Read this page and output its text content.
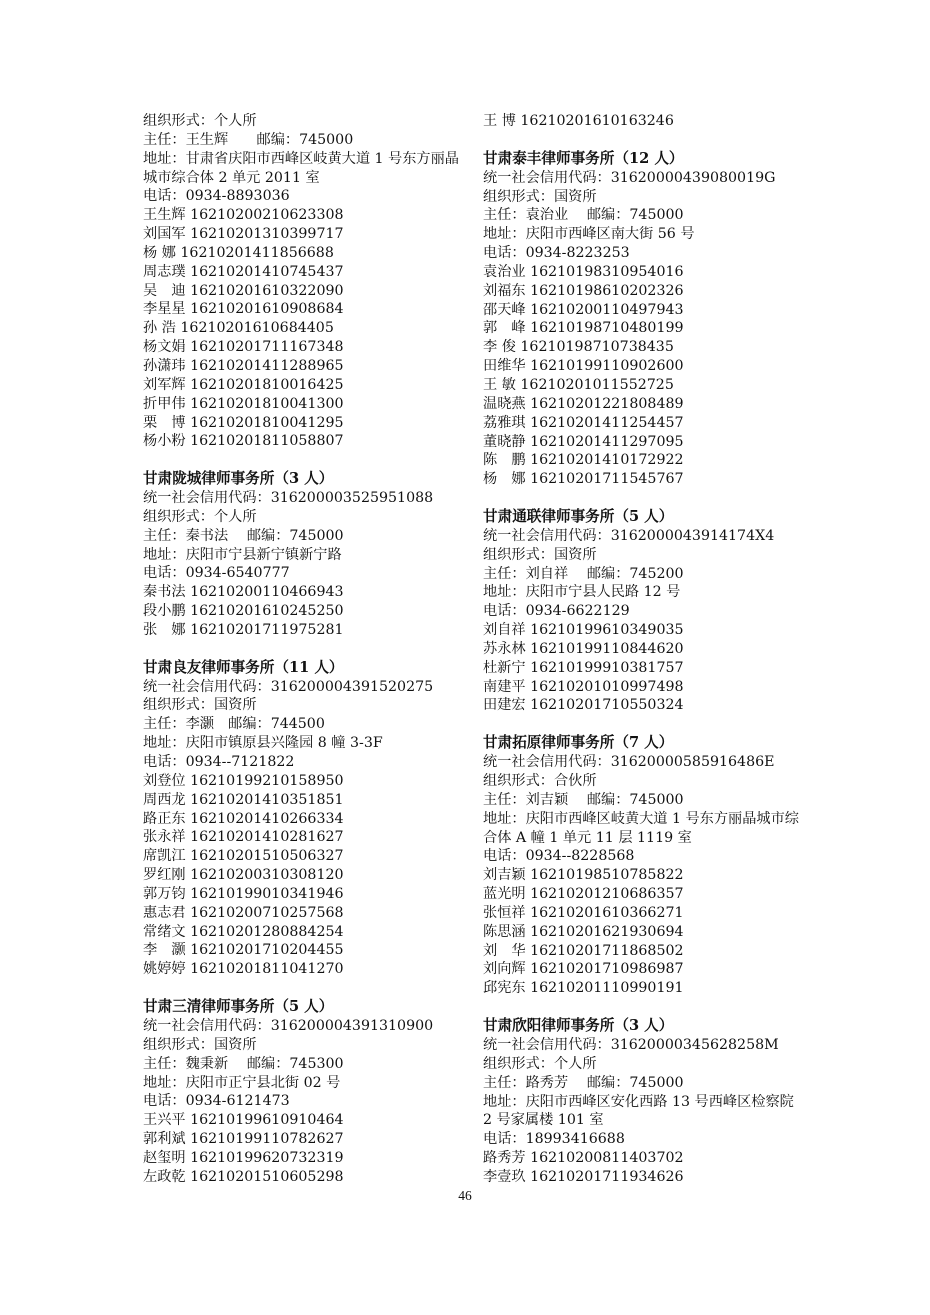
组织形式：个人所
主任：王生辉　　邮编：745000
地址：甘肃省庆阳市西峰区岐黄大道 1 号东方丽晶城市综合体 2 单元 2011 室
电话：0934-8893036
王生辉 16210200210623308
刘国军 16210201310399717
杨 娜 16210201411856688
周志璞 16210201410745437
吴　迪 16210201610322090
李星星 16210201610908684
孙 浩 16210201610684405
杨文娟 16210201711167348
孙潇玮 16210201411288965
刘军辉 16210201810016425
折甲伟 16210201810041300
栗　博 16210201810041295
杨小粉 16210201811058807
甘肃陇城律师事务所（3 人）
统一社会信用代码：316200003525951088
组织形式：个人所
主任：秦书法　 邮编：745000
地址：庆阳市宁县新宁镇新宁路
电话：0934-6540777
秦书法 16210200110466943
段小鹏 16210201610245250
张　娜 16210201711975281
甘肃良友律师事务所（11 人）
统一社会信用代码：316200004391520275
组织形式：国资所
主任：李灏　邮编：744500
地址：庆阳市镇原县兴隆园 8 幢 3-3F
电话：0934--7121822
刘登位 16210199210158950
周西龙 16210201410351851
路正东 16210201410266334
张永祥 16210201410281627
席凯江 16210201510506327
罗红刚 16210200310308120
郭万钧 16210199010341946
惠志君 16210200710257568
常绪文 16210201280884254
李　灏 16210201710204455
姚婷婷 16210201811041270
甘肃三清律师事务所（5 人）
统一社会信用代码：316200004391310900
组织形式：国资所
主任：魏秉新　 邮编：745300
地址：庆阳市正宁县北街 02 号
电话：0934-6121473
王兴平 16210199610910464
郭利斌 16210199110782627
赵玺明 16210199620732319
左政乾 16210201510605298
王 博 16210201610163246
甘肃泰丰律师事务所（12 人）
统一社会信用代码：31620000439080019G
组织形式：国资所
主任：袁治业　 邮编：745000
地址：庆阳市西峰区南大街 56 号
电话：0934-8223253
袁治业 16210198310954016
刘福东 16210198610202326
邵天峰 16210200110497943
郭　峰 16210198710480199
李 俊 16210198710738435
田维华 16210199110902600
王 敏 16210201011552725
温晓燕 16210201221808489
荔雅琪 16210201411254457
董晓静 16210201411297095
陈　鹏 16210201410172922
杨　娜 16210201711545767
甘肃通联律师事务所（5 人）
统一社会信用代码：3162000043914174X4
组织形式：国资所
主任：刘自祥　 邮编：745200
地址：庆阳市宁县人民路 12 号
电话：0934-6622129
刘自祥 16210199610349035
苏永林 16210199110844620
杜新宁 16210199910381757
南建平 16210201010997498
田建宏 16210201710550324
甘肃拓原律师事务所（7 人）
统一社会信用代码：31620000585916486E
组织形式：合伙所
主任：刘吉颖　 邮编：745000
地址：庆阳市西峰区岐黄大道 1 号东方丽晶城市综合体 A 幢 1 单元 11 层 1119 室
电话：0934--8228568
刘吉颖 16210198510785822
蓝光明 16210201210686357
张恒祥 16210201610366271
陈思涵 16210201621930694
刘　华 16210201711868502
刘向辉 16210201710986987
邱宪东 16210201110990191
甘肃欣阳律师事务所（3 人）
统一社会信用代码：31620000345628258M
组织形式：个人所
主任：路秀芳　 邮编：745000
地址：庆阳市西峰区安化西路 13 号西峰区检察院 2 号家属楼 101 室
电话：18993416688
路秀芳 16210200811403702
李壹玖 16210201711934626
46
